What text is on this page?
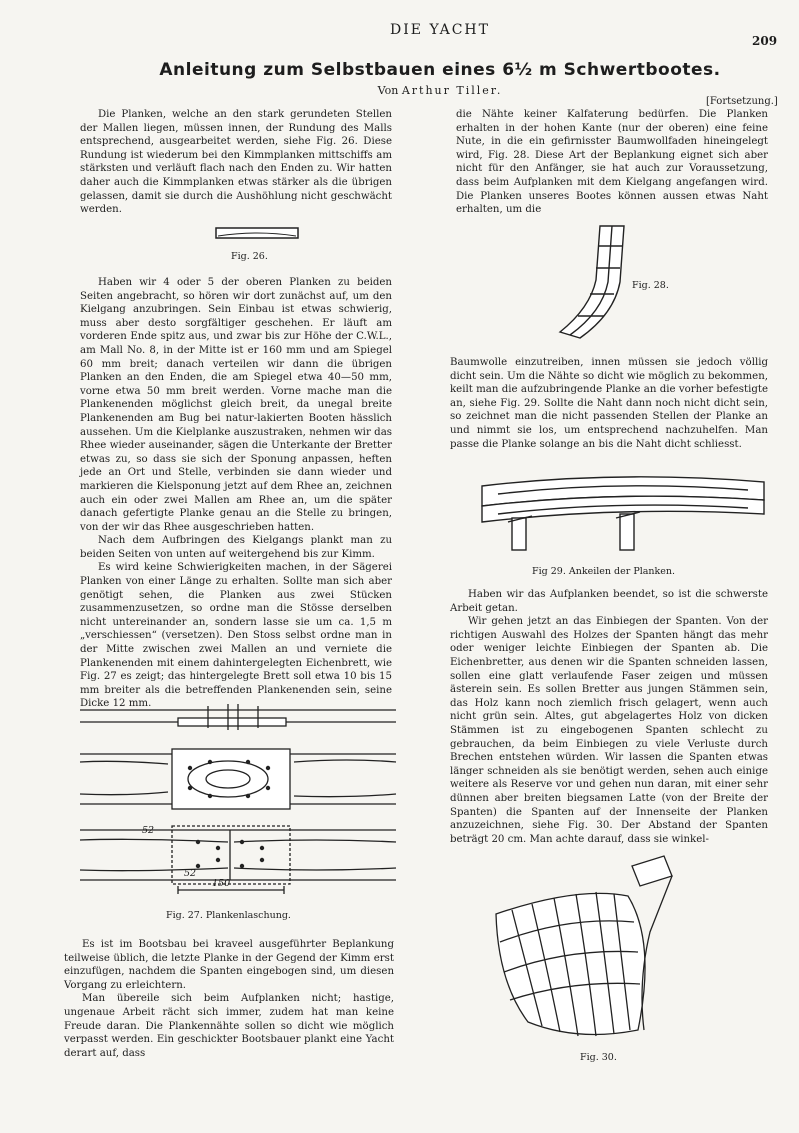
DIE YACHT
209
Anleitung zum Selbstbauen eines 6½ m Schwertbootes.
Von Arthur Tiller.
[Fortsetzung.]

Die Planken, welche an den stark gerundeten Stellen der Mallen liegen, müssen innen, der Rundung des Malls entsprechend, ausgearbeitet werden, siehe Fig. 26. Diese Rundung ist wiederum bei den Kimmplanken mittschiffs am stärksten und verläuft flach nach den Enden zu. Wir hatten daher auch die Kimmplanken etwas stärker als die übrigen gelassen, damit sie durch die Aushöhlung nicht geschwächt werden.

Fig. 26.

Haben wir 4 oder 5 der oberen Planken zu beiden Seiten angebracht, so hören wir dort zunächst auf, um den Kielgang anzubringen. Sein Einbau ist etwas schwierig, muss aber desto sorgfältiger geschehen. Er läuft am vorderen Ende spitz aus, und zwar bis zur Höhe der C.W.L., am Mall No. 8, in der Mitte ist er 160 mm und am Spiegel 60 mm breit; danach verteilen wir dann die übrigen Planken an den Enden, die am Spiegel etwa 40—50 mm, vorne etwa 50 mm breit werden. Vorne mache man die Plankenenden möglichst gleich breit, da unegal breite Plankenenden am Bug bei natur-lakierten Booten hässlich aussehen. Um die Kielplanke auszustraken, nehmen wir das Rhee wieder auseinander, sägen die Unterkante der Bretter etwas zu, so dass sie sich der Sponung anpassen, heften jede an Ort und Stelle, verbinden sie dann wieder und markieren die Kielsponung jetzt auf dem Rhee an, zeichnen auch ein oder zwei Mallen am Rhee an, um die später danach gefertigte Planke genau an die Stelle zu bringen, von der wir das Rhee ausgeschrieben hatten.

Nach dem Aufbringen des Kielgangs plankt man zu beiden Seiten von unten auf weitergehend bis zur Kimm.

Es wird keine Schwierigkeiten machen, in der Sägerei Planken von einer Länge zu erhalten. Sollte man sich aber genötigt sehen, die Planken aus zwei Stücken zusammenzusetzen, so ordne man die Stösse derselben nicht untereinander an, sondern lasse sie um ca. 1,5 m „verschiessen“ (versetzen). Den Stoss selbst ordne man in der Mitte zwischen zwei Mallen an und verniete die Plankenenden mit einem dahintergelegten Eichenbrett, wie Fig. 27 es zeigt; das hintergelegte Brett soll etwa 10 bis 15 mm breiter als die betreffenden Plankenenden sein, seine Dicke 12 mm.

52
52
150
Fig. 27. Plankenlaschung.

Es ist im Bootsbau bei kraveel ausgeführter Beplankung teilweise üblich, die letzte Planke in der Gegend der Kimm erst einzufügen, nachdem die Spanten eingebogen sind, um diesen Vorgang zu erleichtern.

Man übereile sich beim Aufplanken nicht; hastige, ungenaue Arbeit rächt sich immer, zudem hat man keine Freude daran. Die Plankennähte sollen so dicht wie möglich verpasst werden. Ein geschickter Bootsbauer plankt eine Yacht derart auf, dass

die Nähte keiner Kalfaterung bedürfen. Die Planken erhalten in der hohen Kante (nur der oberen) eine feine Nute, in die ein gefirnisster Baumwollfaden hineingelegt wird, Fig. 28. Diese Art der Beplankung eignet sich aber nicht für den Anfänger, sie hat auch zur Voraussetzung, dass beim Aufplanken mit dem Kielgang angefangen wird. Die Planken unseres Bootes können aussen etwas Naht erhalten, um die

Fig. 28.

Baumwolle einzutreiben, innen müssen sie jedoch völlig dicht sein. Um die Nähte so dicht wie möglich zu bekommen, keilt man die aufzubringende Planke an die vorher befestigte an, siehe Fig. 29. Sollte die Naht dann noch nicht dicht sein, so zeichnet man die nicht passenden Stellen der Planke an und nimmt sie los, um entsprechend nachzuhelfen. Man passe die Planke solange an bis die Naht dicht schliesst.

Fig 29. Ankeilen der Planken.

Haben wir das Aufplanken beendet, so ist die schwerste Arbeit getan.

Wir gehen jetzt an das Einbiegen der Spanten. Von der richtigen Auswahl des Holzes der Spanten hängt das mehr oder weniger leichte Einbiegen der Spanten ab. Die Eichenbretter, aus denen wir die Spanten schneiden lassen, sollen eine glatt verlaufende Faser zeigen und müssen ästerein sein. Es sollen Bretter aus jungen Stämmen sein, das Holz kann noch ziemlich frisch gelagert, wenn auch nicht grün sein. Altes, gut abgelagertes Holz von dicken Stämmen ist zu eingebogenen Spanten schlecht zu gebrauchen, da beim Einbiegen zu viele Verluste durch Brechen entstehen würden. Wir lassen die Spanten etwas länger schneiden als sie benötigt werden, sehen auch einige weitere als Reserve vor und gehen nun daran, mit einer sehr dünnen aber breiten biegsamen Latte (von der Breite der Spanten) die Spanten auf der Innenseite der Planken anzuzeichnen, siehe Fig. 30. Der Abstand der Spanten beträgt 20 cm. Man achte darauf, dass sie winkel-

Fig. 30.
